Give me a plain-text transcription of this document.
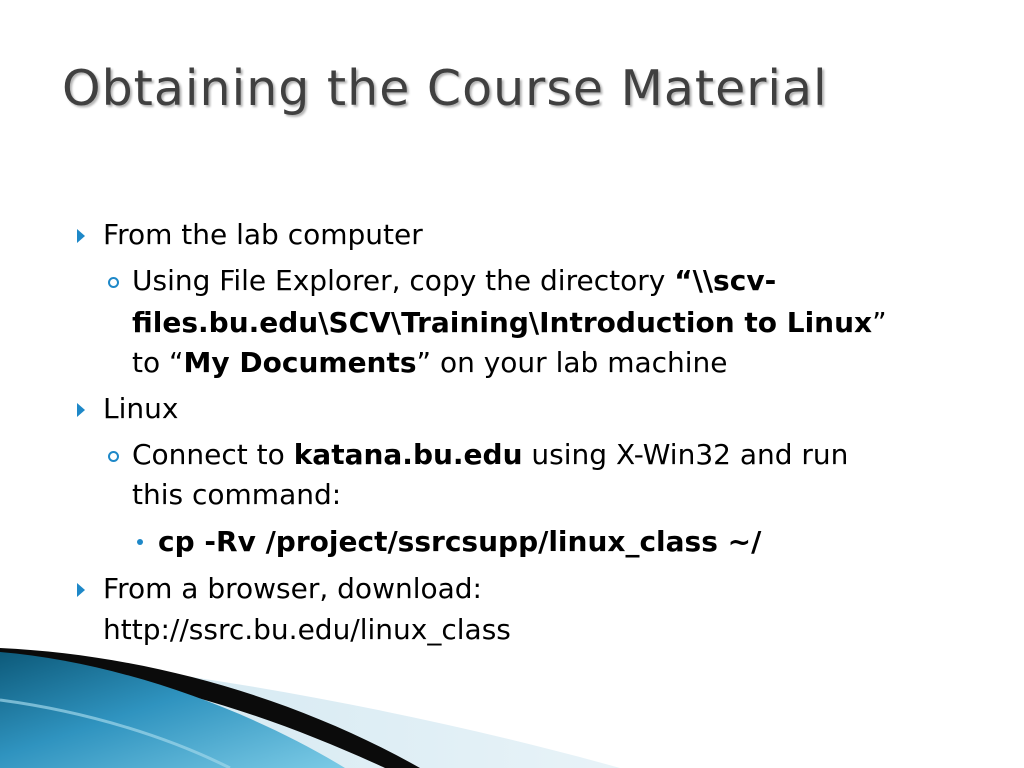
Obtaining the Course Material
From the lab computer
Using File Explorer, copy the directory “\\scv-
files.bu.edu\SCV\Training\Introduction to Linux”
to “My Documents” on your lab machine
Linux
Connect to katana.bu.edu using X-Win32 and run
this command:
cp -Rv /project/ssrcsupp/linux_class ~/
From a browser, download:
http://ssrc.bu.edu/linux_class
